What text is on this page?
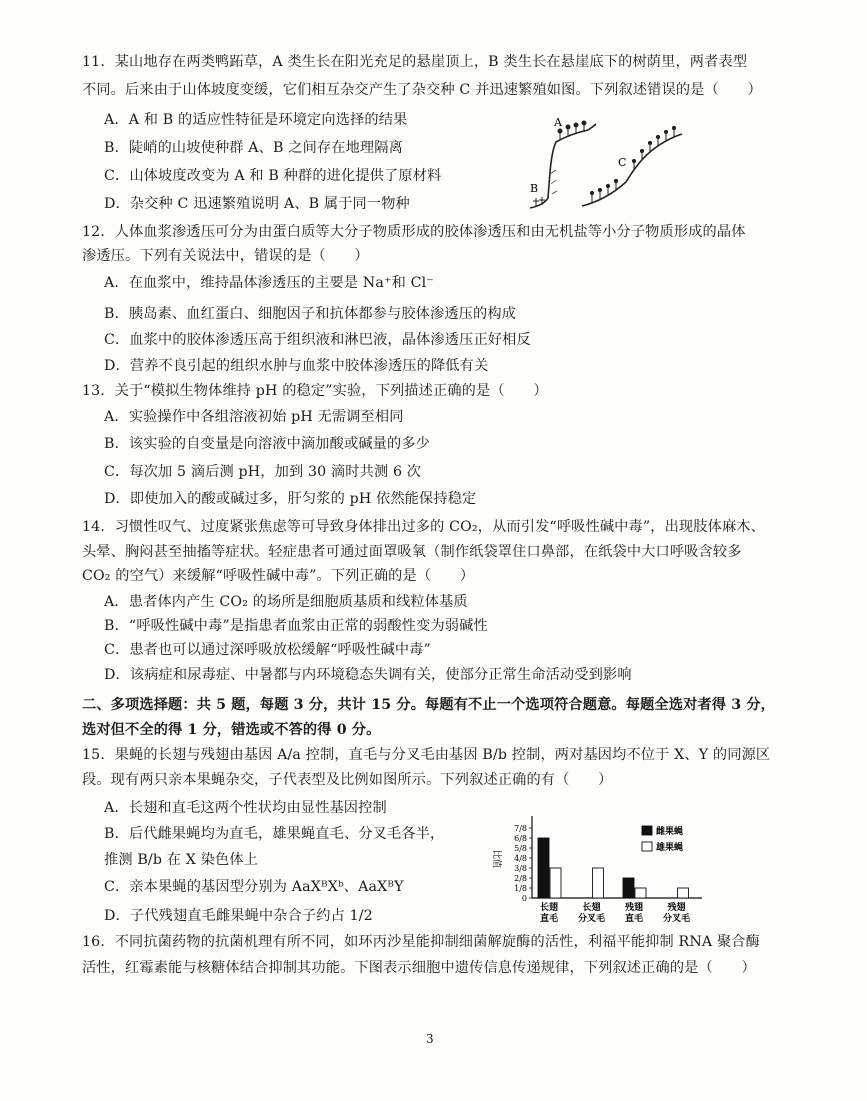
11．某山地存在两类鸭跖草，A 类生长在阳光充足的悬崖顶上，B 类生长在悬崖底下的树荫里，两者表型
不同。后来由于山体坡度变缓，它们相互杂交产生了杂交种 C 并迅速繁殖如图。下列叙述错误的是（　　）
A．A 和 B 的适应性特征是环境定向选择的结果
B．陡峭的山坡使种群 A、B 之间存在地理隔离
C．山体坡度改变为 A 和 B 种群的进化提供了原材料
D．杂交种 C 迅速繁殖说明 A、B 属于同一物种
A
B
C
12．人体血浆渗透压可分为由蛋白质等大分子物质形成的胶体渗透压和由无机盐等小分子物质形成的晶体
渗透压。下列有关说法中，错误的是（　　）
A．在血浆中，维持晶体渗透压的主要是 Na⁺和 Cl⁻
B．胰岛素、血红蛋白、细胞因子和抗体都参与胶体渗透压的构成
C．血浆中的胶体渗透压高于组织液和淋巴液，晶体渗透压正好相反
D．营养不良引起的组织水肿与血浆中胶体渗透压的降低有关
13．关于“模拟生物体维持 pH 的稳定”实验，下列描述正确的是（　　）
A．实验操作中各组溶液初始 pH 无需调至相同
B．该实验的自变量是向溶液中滴加酸或碱量的多少
C．每次加 5 滴后测 pH，加到 30 滴时共测 6 次
D．即使加入的酸或碱过多，肝匀浆的 pH 依然能保持稳定
14．习惯性叹气、过度紧张焦虑等可导致身体排出过多的 CO₂，从而引发“呼吸性碱中毒”，出现肢体麻木、
头晕、胸闷甚至抽搐等症状。轻症患者可通过面罩吸氧（制作纸袋罩住口鼻部，在纸袋中大口呼吸含较多
CO₂ 的空气）来缓解“呼吸性碱中毒”。下列正确的是（　　）
A．患者体内产生 CO₂ 的场所是细胞质基质和线粒体基质
B．“呼吸性碱中毒”是指患者血浆由正常的弱酸性变为弱碱性
C．患者也可以通过深呼吸放松缓解“呼吸性碱中毒”
D．该病症和尿毒症、中暑都与内环境稳态失调有关，使部分正常生命活动受到影响
二、多项选择题：共 5 题，每题 3 分，共计 15 分。每题有不止一个选项符合题意。每题全选对者得 3 分，
选对但不全的得 1 分，错选或不答的得 0 分。
15．果蝇的长翅与残翅由基因 A/a 控制，直毛与分叉毛由基因 B/b 控制，两对基因均不位于 X、Y 的同源区
段。现有两只亲本果蝇杂交，子代表型及比例如图所示。下列叙述正确的有（　　）
A．长翅和直毛这两个性状均由显性基因控制
B．后代雌果蝇均为直毛，雄果蝇直毛、分叉毛各半，
推测 B/b 在 X 染色体上
C．亲本果蝇的基因型分别为 AaXᴮXᵇ、AaXᴮY
D．子代残翅直毛雌果蝇中杂合子约占 1/2
7/8
6/8
5/8
4/8
3/8
2/8
1/8
0
长翅
直毛
长翅
分叉毛
残翅
直毛
残翅
分叉毛
雌果蝇
雄果蝇
比值
16．不同抗菌药物的抗菌机理有所不同，如环丙沙星能抑制细菌解旋酶的活性，利福平能抑制 RNA 聚合酶
活性，红霉素能与核糖体结合抑制其功能。下图表示细胞中遗传信息传递规律，下列叙述正确的是（　　）
3
